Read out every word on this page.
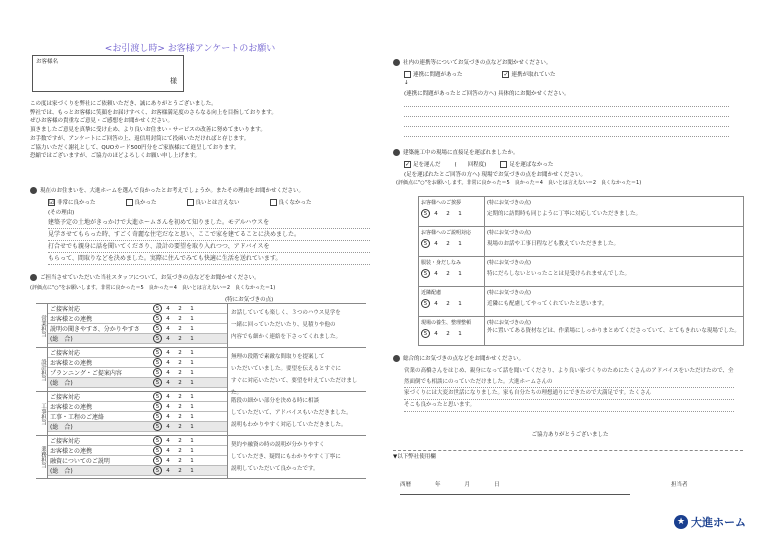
<お引渡し時> お客様アンケートのお願い
お客様名
様
この度は家づくりを弊社にご依頼いただき、誠にありがとうございました。
弊社では、もっとお客様に笑顔をお届けすべく、お客様満足度のさらなる向上を目指しております。
ぜひお客様の貴重なご意見・ご感想をお聞かせください。
頂きましたご意見を真摯に受け止め、より良いお住まい・サービスの改善に努めてまいります。
お手数ですが、アンケートにご回答の上、返信用封筒にて投函いただければと存じます。
ご協力いただく謝礼として、QUOカード500円分をご家族様にて進呈しております。
恐縮ではございますが、ご協力のほどよろしくお願い申し上げます。
現在のお住まいを、大進ホームを選んで良かったとお考えでしょうか。またその理由をお聞かせください。
☑ 非常に良かった	良かった	良いとは言えない	良くなかった
(その理由)
建築予定の土地がきっかけで大進ホームさんを初めて知りました。モデルハウスを
見学させてもらった時、すごく奇麗な住宅だなと思い、ここで家を建てることに決めました。
打合せでも親身に話を聞いてくださり、設計の要望を取り入れつつ、アドバイスを
もらって、間取りなどを決めました。実際に住んでみても快適に生活を送れています。
ご担当させていただいた当社スタッフについて、お気づきの点などをお聞かせください。
(評価点に"○"をお願いします。非常に良かった＝5　良かった＝4　良いとは言えない＝2　良くなかった＝1)
(特にお気づきの点)
営業担当
ご接客対応	5	4	2	1
お客様との連携	5	4	2	1
説明の聞きやすさ、分かりやすさ	5	4	2	1
(総　合)	5	4	2	1
お話していても楽しく、３つのハウス見学を
一緒に回っていただいたり、見積りや他の
内容でも細かく連絡を下さってくれました。
設計担当
ご接客対応	5	4	2	1
お客様との連携	5	4	2	1
プランニング・ご提案内容	5	4	2	1
(総　合)	5	4	2	1
無理の段階で素敵な間取りを提案して
いただいていました。要望を伝えるとすぐに
すぐに対応いただいて、要望を叶えていただけました。
工事担当
ご接客対応	5	4	2	1
お客様との連携	5	4	2	1
工事・工程のご連絡	5	4	2	1
(総　合)	5	4	2	1
階段の細かい部分を決める時に相談
していただいて、アドバイスもいただきました。
説明もわかりやすく対応していただきました。
業務担当
ご接客対応	5	4	2	1
お客様との連携	5	4	2	1
融資についてのご説明	5	4	2	1
(総　合)	5	4	2	1
契約や融資の時の説明が分かりやすく
していただき、疑問にもわかりやすく丁寧に
説明していただいて良かったです。
社内の連携等についてお気づきの点などお聞かせください。
連携に問題があった	✓ 連携が取れていた
↓
(連携に問題があったとご回答の方へ) 具体的にお聞かせください。
建築施工中の現場に直接足を運ばれましたか。
✓ 足を運んだ	(　　回程度)	足を運ばなかった
(足を運ばれたとご回答の方へ) 現場でお気づきの点をお聞かせください。
(評価点に"○"をお願いします。非常に良かった＝5　良かった＝4　良いとは言えない＝2　良くなかった＝1)
お客様へのご挨拶
5 4 2 1
(特にお気づきの点)
定期的に訪問時も同じように丁寧に対応していただきました。
お客様へのご説明対応
5 4 2 1
(特にお気づきの点)
現場のお話や工事日程なども教えていただきました。
服装・身だしなみ
5 4 2 1
(特にお気づきの点)
特にだらしないといったことは見受けられませんでした。
近隣配慮
5 4 2 1
(特にお気づきの点)
近隣にも配慮してやってくれていたと思います。
現場の養生、整理整頓
5 4 2 1
(特にお気づきの点)
外に置いてある資材などは、作業場にしっかりまとめてくださっていて、とてもきれいな現場でした。
総合的にお気づきの点などをお聞かせください。
営業の高橋さんをはじめ、親身になって話を聞いてくださり、より良い家づくりのためにたくさんのアドバイスをいただけたので、全然面倒でも相談にのっていただけました。大進ホームさんの
家づくりには大変お世話になりました。家も自分たちの理想通りにできたので大満足です。たくさん
そこも良かったと思います。
ご協力ありがとうございました
▼以下弊社使用欄
西暦	年	月	日	担当者
★ 大進ホーム
